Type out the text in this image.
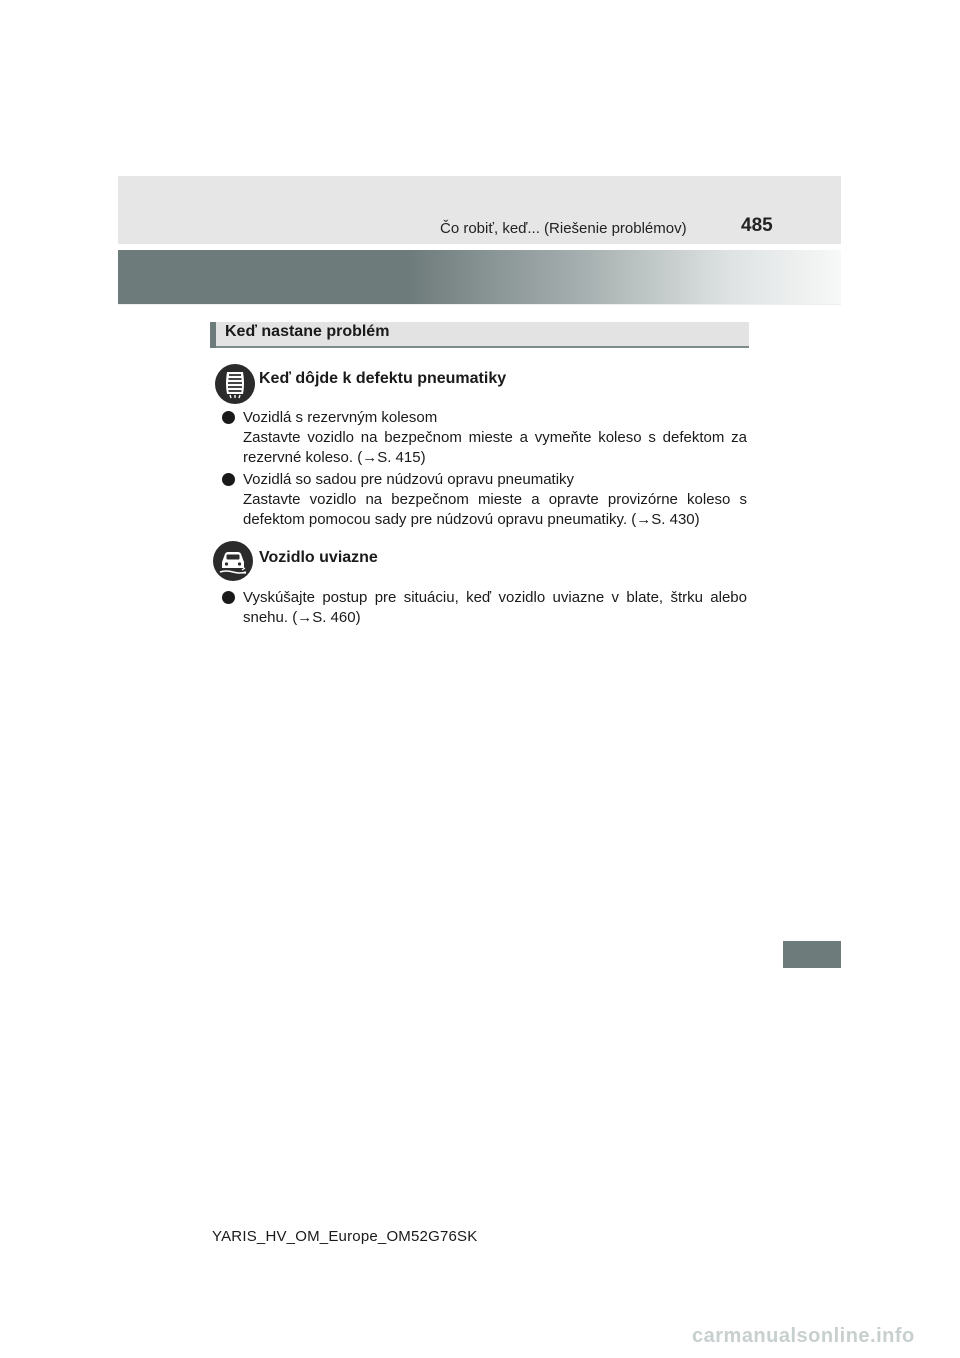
Čo robiť, keď... (Riešenie problémov)	485
Keď nastane problém
Keď dôjde k defektu pneumatiky
Vozidlá s rezervným kolesom
Zastavte vozidlo na bezpečnom mieste a vymeňte koleso s defektom za rezervné koleso. (→S. 415)
Vozidlá so sadou pre núdzovú opravu pneumatiky
Zastavte vozidlo na bezpečnom mieste a opravte provizórne koleso s defektom pomocou sady pre núdzovú opravu pneumatiky. (→S. 430)
Vozidlo uviazne
Vyskúšajte postup pre situáciu, keď vozidlo uviazne v blate, štrku alebo snehu. (→S. 460)
YARIS_HV_OM_Europe_OM52G76SK
carmanualsonline.info
